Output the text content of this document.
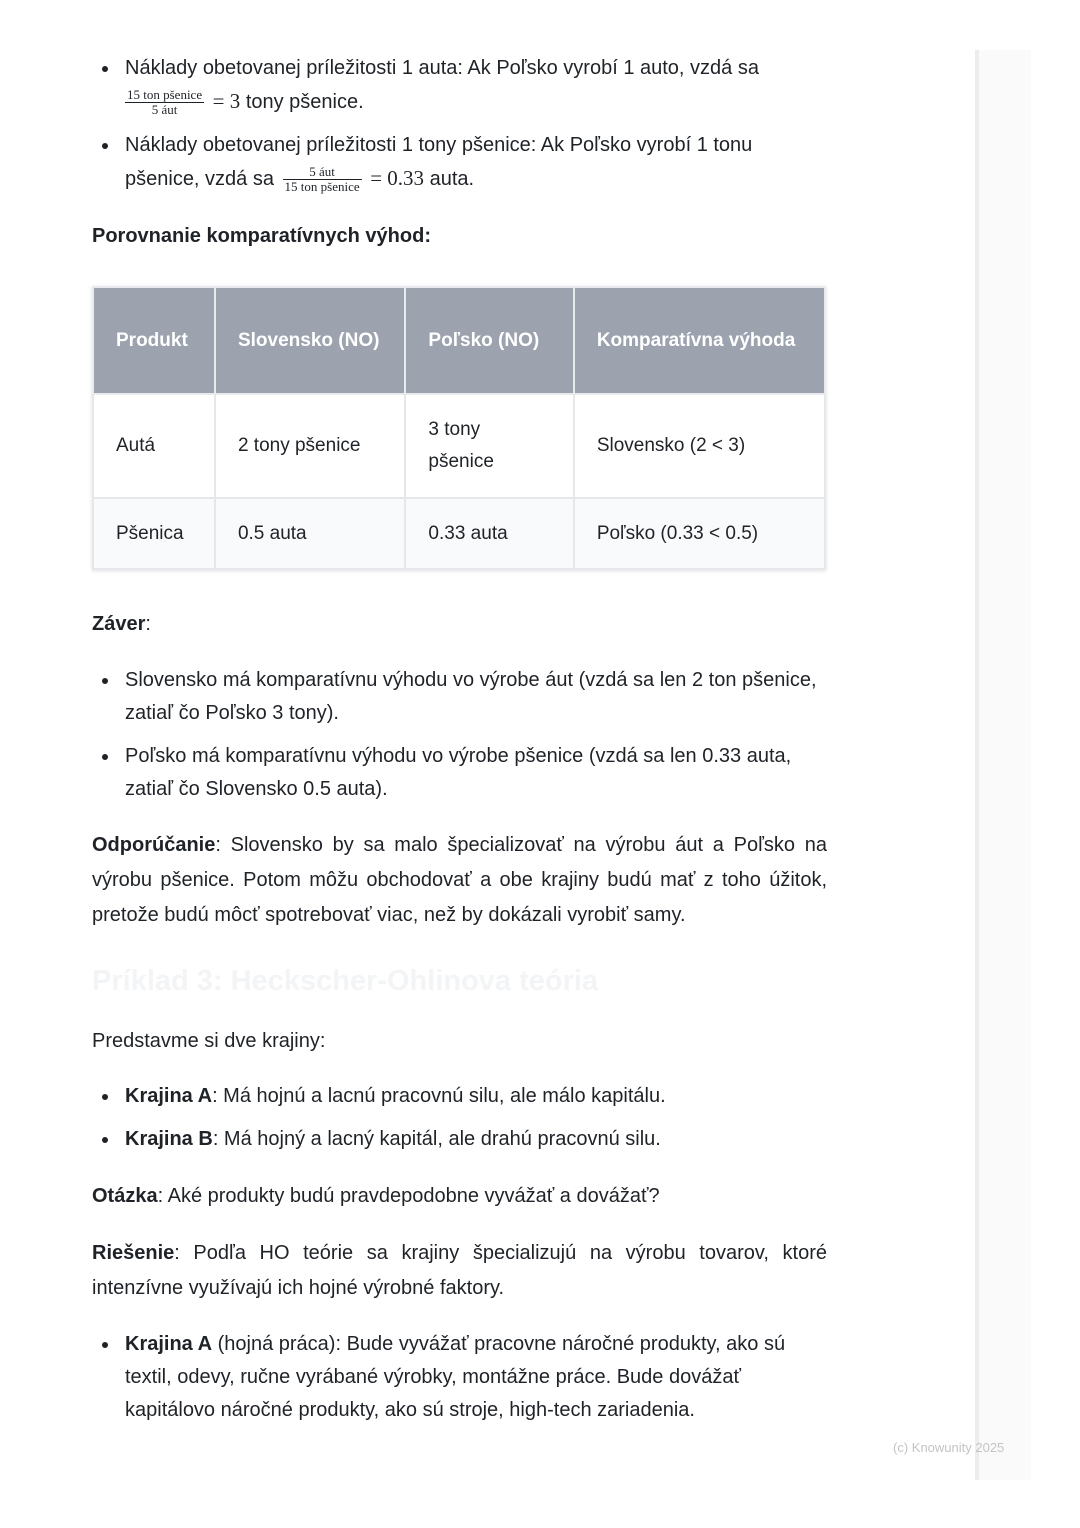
Náklady obetovanej príležitosti 1 auta: Ak Poľsko vyrobí 1 auto, vzdá sa

$\frac{\text{15 ton pšenice}}{\text{5 áut}} = 3$ tony pšenice.
Náklady obetovanej príležitosti 1 tony pšenice: Ak Poľsko vyrobí 1 tonu
pšenice, vzdá sa $\frac{\text{5 áut}}{\text{15 ton pšenice}} = 0.33$ auta.

Porovnanie komparatívnych výhod:

Produkt	Slovensko (NO)	Poľsko (NO)	Komparatívna výhoda
Autá	2 tony pšenice	3 tony pšenice	Slovensko (2 < 3)
Pšenica	0.5 auta	0.33 auta	Poľsko (0.33 < 0.5)

Záver:

Slovensko má komparatívnu výhodu vo výrobe áut (vzdá sa len 2 ton pšenice, zatiaľ čo Poľsko 3 tony).
Poľsko má komparatívnu výhodu vo výrobe pšenice (vzdá sa len 0.33 auta, zatiaľ čo Slovensko 0.5 auta).

Odporúčanie: Slovensko by sa malo špecializovať na výrobu áut a Poľsko na výrobu pšenice. Potom môžu obchodovať a obe krajiny budú mať z toho úžitok, pretože budú môcť spotrebovať viac, než by dokázali vyrobiť samy.

Príklad 3: Heckscher-Ohlinova teória

Predstavme si dve krajiny:

Krajina A: Má hojnú a lacnú pracovnú silu, ale málo kapitálu.
Krajina B: Má hojný a lacný kapitál, ale drahú pracovnú silu.

Otázka: Aké produkty budú pravdepodobne vyvážať a dovážať?

Riešenie: Podľa HO teórie sa krajiny špecializujú na výrobu tovarov, ktoré intenzívne využívajú ich hojné výrobné faktory.

Krajina A (hojná práca): Bude vyvážať pracovne náročné produkty, ako sú textil, odevy, ručne vyrábané výrobky, montážne práce. Bude dovážať kapitálovo náročné produkty, ako sú stroje, high-tech zariadenia.
(c) Knowunity 2025
